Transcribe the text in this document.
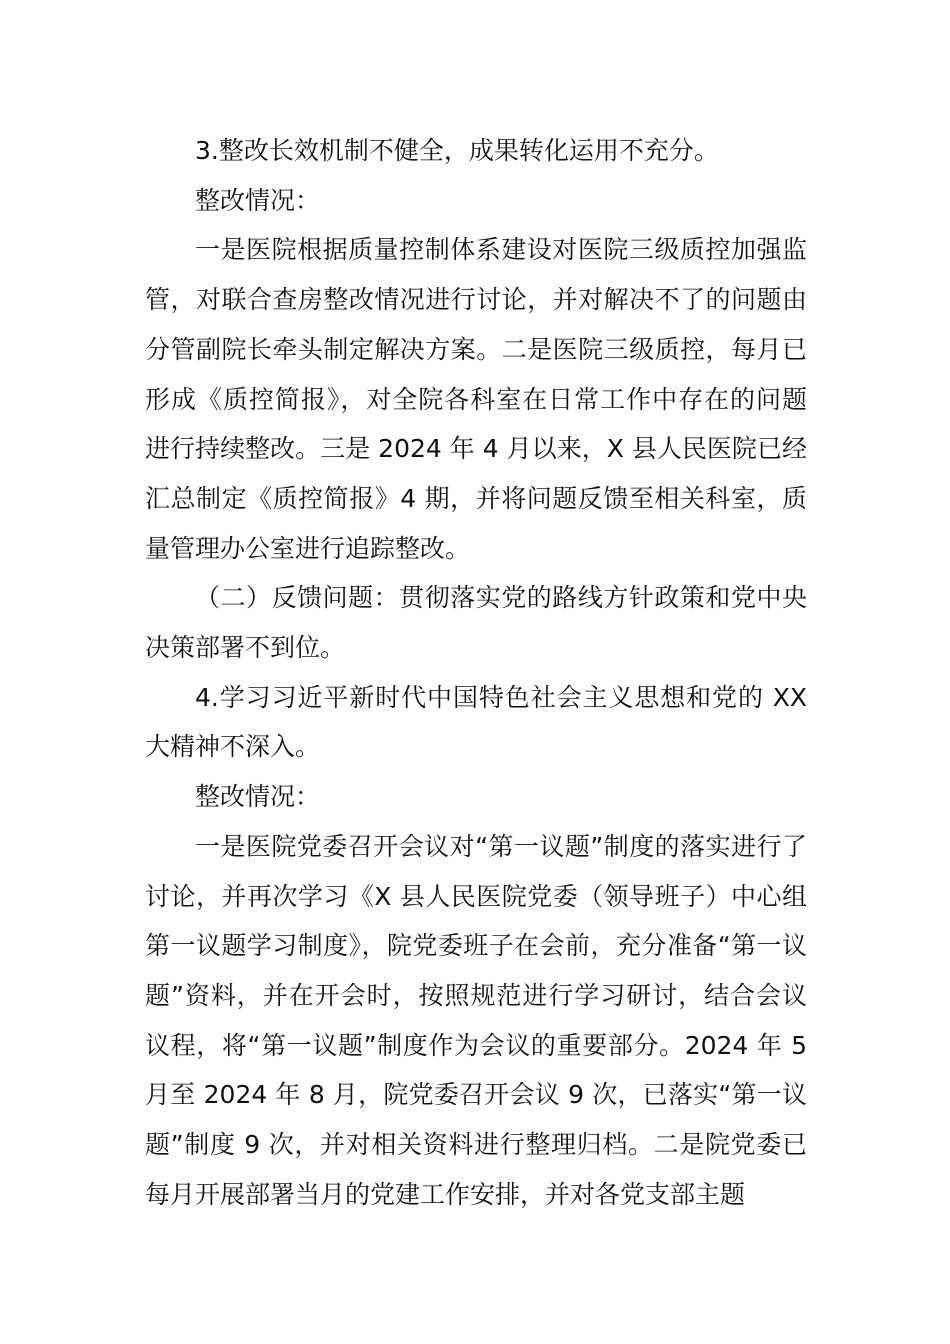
3.整改长效机制不健全，成果转化运用不充分。

整改情况：

一是医院根据质量控制体系建设对医院三级质控加强监管，对联合查房整改情况进行讨论，并对解决不了的问题由分管副院长牵头制定解决方案。二是医院三级质控，每月已形成《质控简报》，对全院各科室在日常工作中存在的问题进行持续整改。三是 2024 年 4 月以来，X 县人民医院已经汇总制定《质控简报》4 期，并将问题反馈至相关科室，质量管理办公室进行追踪整改。

（二）反馈问题：贯彻落实党的路线方针政策和党中央决策部署不到位。

4.学习习近平新时代中国特色社会主义思想和党的 XX 大精神不深入。

整改情况：

一是医院党委召开会议对“第一议题”制度的落实进行了讨论，并再次学习《X 县人民医院党委（领导班子）中心组第一议题学习制度》，院党委班子在会前，充分准备“第一议题”资料，并在开会时，按照规范进行学习研讨，结合会议议程，将“第一议题”制度作为会议的重要部分。2024 年 5 月至 2024 年 8 月，院党委召开会议 9 次，已落实“第一议题”制度 9 次，并对相关资料进行整理归档。二是院党委已每月开展部署当月的党建工作安排，并对各党支部主题
